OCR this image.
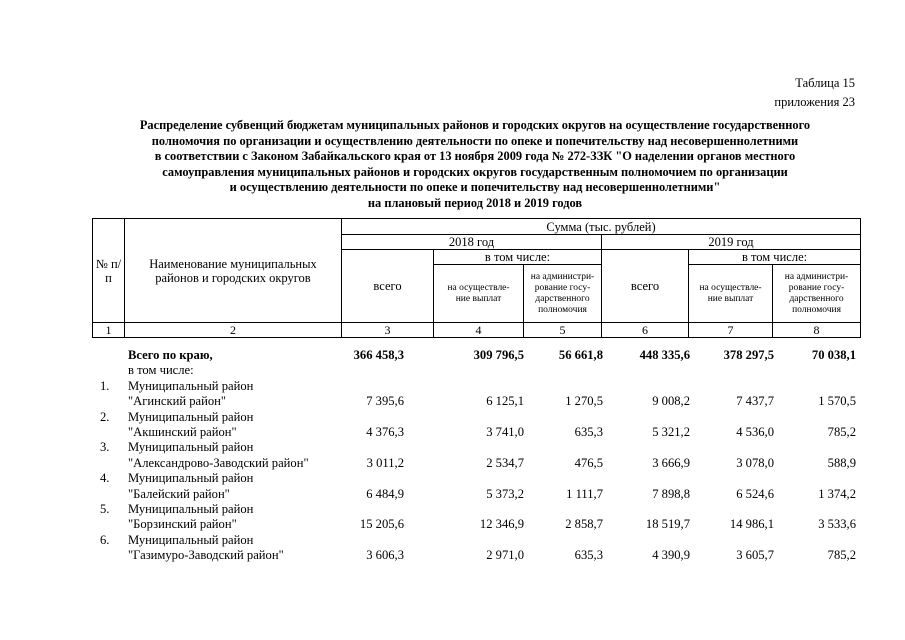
Таблица 15
приложения 23
Распределение субвенций бюджетам муниципальных районов и городских округов на осуществление государственного
полномочия по организации и осуществлению деятельности по опеке и попечительству над несовершеннолетними
в соответствии с Законом Забайкальского края от 13 ноября 2009 года № 272-ЗЗК "О наделении органов местного
самоуправления муниципальных районов и городских округов государственным полномочием по организации
и осуществлению деятельности по опеке и попечительству над несовершеннолетними"
на плановый период 2018 и 2019 годов
№ п/п	Наименование муниципальных районов и городских округов	Сумма (тыс. рублей)					
		2018 год			2019 год		
		всего	в том числе:		всего	в том числе:	
			на осуществле-ние выплат	на администри-рование госу-дарственного полномочия		на осуществле-ние выплат	на администри-рование госу-дарственного полномочия
1	2	3	4	5	6	7	8
Всего по краю,	366 458,3	309 796,5	56 661,8	448 335,6	378 297,5	70 038,1
в том числе:
1. Муниципальный район
"Агинский район"	7 395,6	6 125,1	1 270,5	9 008,2	7 437,7	1 570,5
2. Муниципальный район
"Акшинский район"	4 376,3	3 741,0	635,3	5 321,2	4 536,0	785,2
3. Муниципальный район
"Александрово-Заводский район"	3 011,2	2 534,7	476,5	3 666,9	3 078,0	588,9
4. Муниципальный район
"Балейский район"	6 484,9	5 373,2	1 111,7	7 898,8	6 524,6	1 374,2
5. Муниципальный район
"Борзинский район"	15 205,6	12 346,9	2 858,7	18 519,7	14 986,1	3 533,6
6. Муниципальный район
"Газимуро-Заводский район"	3 606,3	2 971,0	635,3	4 390,9	3 605,7	785,2
